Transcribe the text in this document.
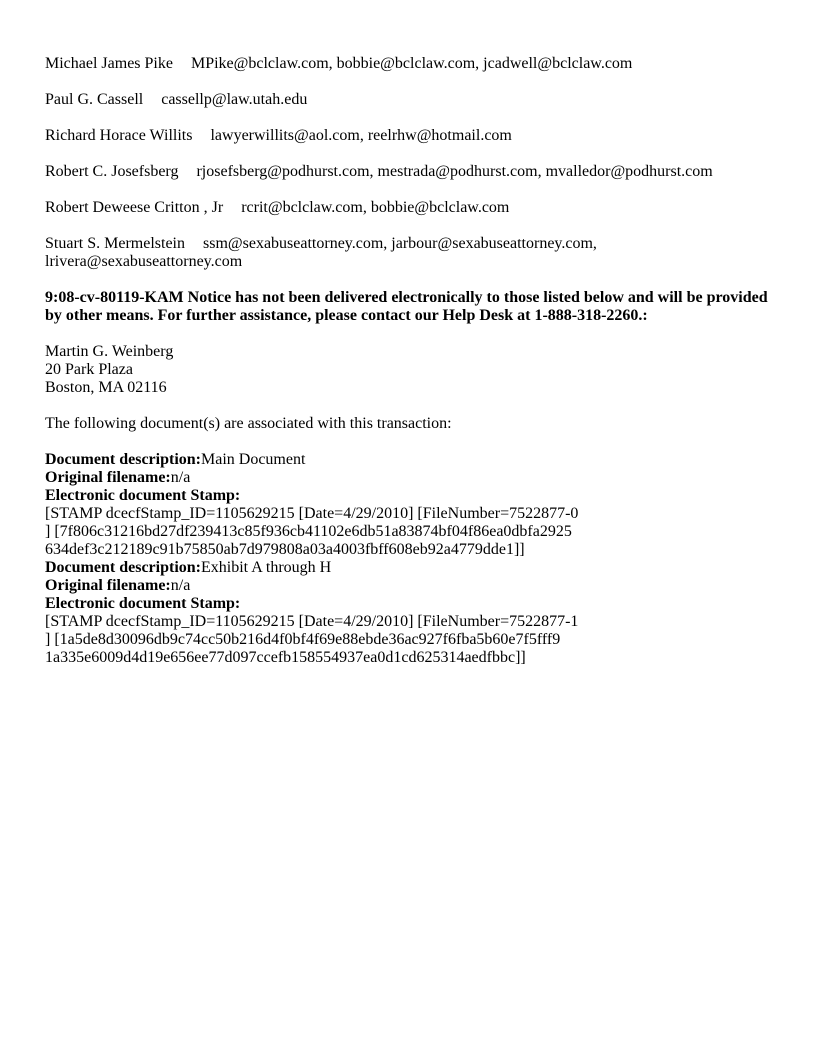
Michael James Pike MPike@bclclaw.com, bobbie@bclclaw.com, jcadwell@bclclaw.com
Paul G. Cassell cassellp@law.utah.edu
Richard Horace Willits lawyerwillits@aol.com, reelrhw@hotmail.com
Robert C. Josefsberg rjosefsberg@podhurst.com, mestrada@podhurst.com, mvalledor@podhurst.com
Robert Deweese Critton , Jr rcrit@bclclaw.com, bobbie@bclclaw.com
Stuart S. Mermelstein ssm@sexabuseattorney.com, jarbour@sexabuseattorney.com,
lrivera@sexabuseattorney.com
9:08-cv-80119-KAM Notice has not been delivered electronically to those listed below and will be provided
by other means. For further assistance, please contact our Help Desk at 1-888-318-2260.:
Martin G. Weinberg
20 Park Plaza
Boston, MA 02116
The following document(s) are associated with this transaction:
Document description:Main Document
Original filename:n/a
Electronic document Stamp:
[STAMP dcecfStamp_ID=1105629215 [Date=4/29/2010] [FileNumber=7522877-0
] [7f806c31216bd27df239413c85f936cb41102e6db51a83874bf04f86ea0dbfa2925
634def3c212189c91b75850ab7d979808a03a4003fbff608eb92a4779dde1]]
Document description:Exhibit A through H
Original filename:n/a
Electronic document Stamp:
[STAMP dcecfStamp_ID=1105629215 [Date=4/29/2010] [FileNumber=7522877-1
] [1a5de8d30096db9c74cc50b216d4f0bf4f69e88ebde36ac927f6fba5b60e7f5fff9
1a335e6009d4d19e656ee77d097ccefb158554937ea0d1cd625314aedfbbc]]
